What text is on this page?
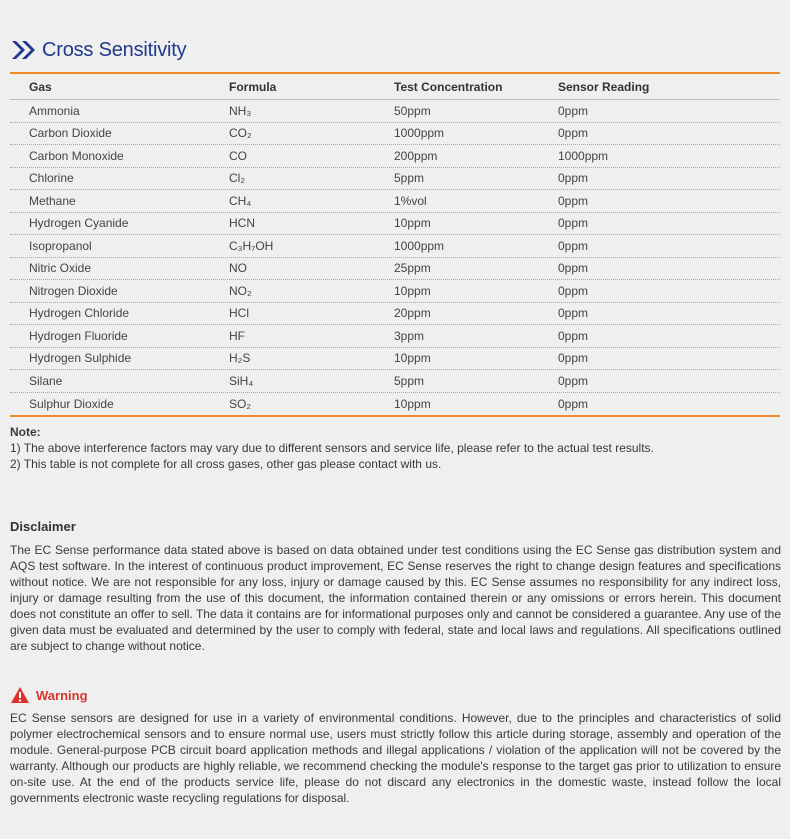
Cross Sensitivity
Gas	Formula	Test Concentration	Sensor Reading
Ammonia	NH₃	50ppm	0ppm
Carbon Dioxide	CO₂	1000ppm	0ppm
Carbon Monoxide	CO	200ppm	1000ppm
Chlorine	Cl₂	5ppm	0ppm
Methane	CH₄	1%vol	0ppm
Hydrogen Cyanide	HCN	10ppm	0ppm
Isopropanol	C₃H₇OH	1000ppm	0ppm
Nitric Oxide	NO	25ppm	0ppm
Nitrogen Dioxide	NO₂	10ppm	0ppm
Hydrogen Chloride	HCl	20ppm	0ppm
Hydrogen Fluoride	HF	3ppm	0ppm
Hydrogen Sulphide	H₂S	10ppm	0ppm
Silane	SiH₄	5ppm	0ppm
Sulphur Dioxide	SO₂	10ppm	0ppm
Note:
1) The above interference factors may vary due to different sensors and service life, please refer to the actual test results.
2) This table is not complete for all cross gases, other gas please contact with us.
Disclaimer

The EC Sense performance data stated above is based on data obtained under test conditions using the EC Sense gas distribution system and AQS test software. In the interest of continuous product improvement, EC Sense reserves the right to change design features and specifications without notice. We are not responsible for any loss, injury or damage caused by this. EC Sense assumes no responsibility for any indirect loss, injury or damage resulting from the use of this document, the information contained therein or any omissions or errors herein. This document does not constitute an offer to sell. The data it contains are for informational purposes only and cannot be considered a guarantee. Any use of the given data must be evaluated and determined by the user to comply with federal, state and local laws and regulations. All specifications outlined are subject to change without notice.

Warning

EC Sense sensors are designed for use in a variety of environmental conditions. However, due to the principles and characteristics of solid polymer electrochemical sensors and to ensure normal use, users must strictly follow this article during storage, assembly and operation of the module. General-purpose PCB circuit board application methods and illegal applications / violation of the application will not be covered by the warranty. Although our products are highly reliable, we recommend checking the module's response to the target gas prior to utilization to ensure on-site use. At the end of the products service life, please do not discard any electronics in the domestic waste, instead follow the local governments electronic waste recycling regulations for disposal.
